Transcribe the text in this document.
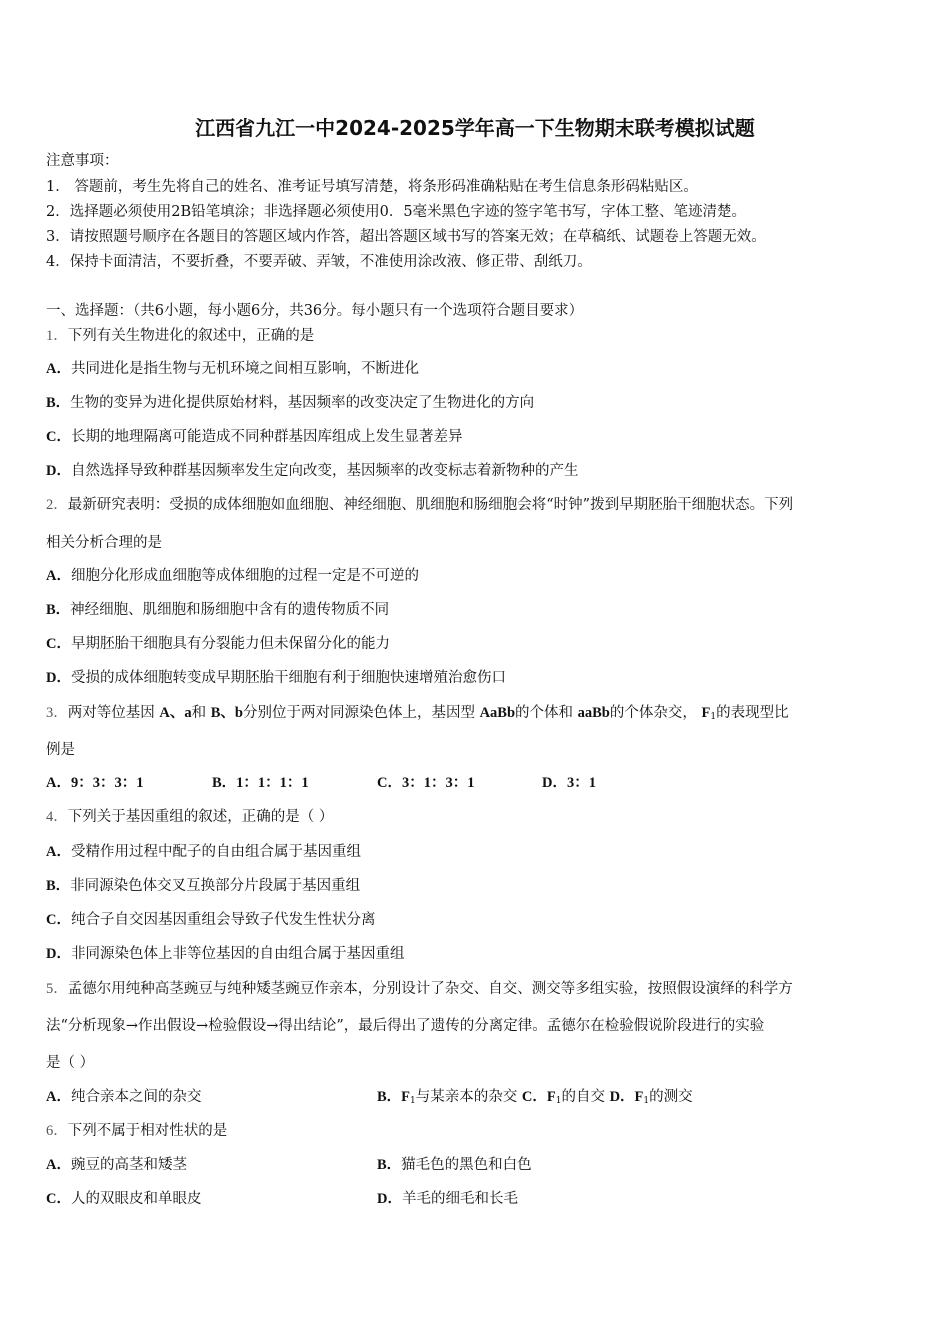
江西省九江一中2024-2025学年高一下生物期末联考模拟试题
注意事项：
1． 答题前，考生先将自己的姓名、准考证号填写清楚，将条形码准确粘贴在考生信息条形码粘贴区。
2．选择题必须使用2B铅笔填涂；非选择题必须使用0．5毫米黑色字迹的签字笔书写，字体工整、笔迹清楚。
3．请按照题号顺序在各题目的答题区域内作答，超出答题区域书写的答案无效；在草稿纸、试题卷上答题无效。
4．保持卡面清洁，不要折叠，不要弄破、弄皱，不准使用涂改液、修正带、刮纸刀。
一、选择题：（共6小题，每小题6分，共36分。每小题只有一个选项符合题目要求）
1．下列有关生物进化的叙述中，正确的是
A．共同进化是指生物与无机环境之间相互影响，不断进化
B．生物的变异为进化提供原始材料，基因频率的改变决定了生物进化的方向
C．长期的地理隔离可能造成不同种群基因库组成上发生显著差异
D．自然选择导致种群基因频率发生定向改变，基因频率的改变标志着新物种的产生
2．最新研究表明：受损的成体细胞如血细胞、神经细胞、肌细胞和肠细胞会将“时钟”拨到早期胚胎干细胞状态。下列
相关分析合理的是
A．细胞分化形成血细胞等成体细胞的过程一定是不可逆的
B．神经细胞、肌细胞和肠细胞中含有的遗传物质不同
C．早期胚胎干细胞具有分裂能力但未保留分化的能力
D．受损的成体细胞转变成早期胚胎干细胞有利于细胞快速增殖治愈伤口
3．两对等位基因 A、a和 B、b分别位于两对同源染色体上，基因型 AaBb的个体和 aaBb的个体杂交， $F_1$的表现型比
例是
A．9：3：3：1	B．1：1：1：1	C．3：1：3：1	D．3：1
4．下列关于基因重组的叙述，正确的是（ ）
A．受精作用过程中配子的自由组合属于基因重组
B．非同源染色体交叉互换部分片段属于基因重组
C．纯合子自交因基因重组会导致子代发生性状分离
D．非同源染色体上非等位基因的自由组合属于基因重组
5．孟德尔用纯种高茎豌豆与纯种矮茎豌豆作亲本，分别设计了杂交、自交、测交等多组实验，按照假设演绎的科学方
法“分析现象→作出假设→检验假设→得出结论”，最后得出了遗传的分离定律。孟德尔在检验假说阶段进行的实验
是（ ）
A．纯合亲本之间的杂交	B．$F_1$与某亲本的杂交 C．$F_1$的自交 D．$F_1$的测交
6．下列不属于相对性状的是
A．豌豆的高茎和矮茎	B．猫毛色的黑色和白色
C．人的双眼皮和单眼皮	D．羊毛的细毛和长毛
